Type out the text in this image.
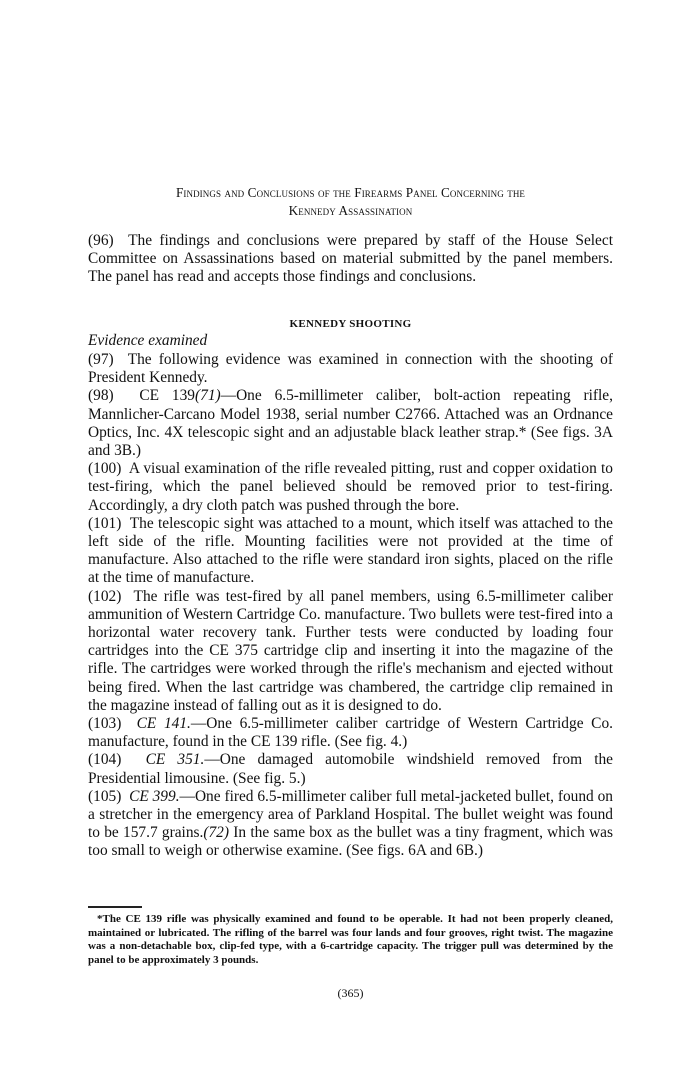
Findings and Conclusions of the Firearms Panel Concerning the
Kennedy Assassination
(96) The findings and conclusions were prepared by staff of the House Select Committee on Assassinations based on material submitted by the panel members. The panel has read and accepts those findings and conclusions.
KENNEDY SHOOTING
Evidence examined

(97) The following evidence was examined in connection with the shooting of President Kennedy.

(98) CE 139(71)—One 6.5-millimeter caliber, bolt-action repeating rifle, Mannlicher-Carcano Model 1938, serial number C2766. Attached was an Ordnance Optics, Inc. 4X telescopic sight and an adjustable black leather strap.* (See figs. 3A and 3B.)

(100) A visual examination of the rifle revealed pitting, rust and copper oxidation to test-firing, which the panel believed should be removed prior to test-firing. Accordingly, a dry cloth patch was pushed through the bore.

(101) The telescopic sight was attached to a mount, which itself was attached to the left side of the rifle. Mounting facilities were not provided at the time of manufacture. Also attached to the rifle were standard iron sights, placed on the rifle at the time of manufacture.

(102) The rifle was test-fired by all panel members, using 6.5-millimeter caliber ammunition of Western Cartridge Co. manufacture. Two bullets were test-fired into a horizontal water recovery tank. Further tests were conducted by loading four cartridges into the CE 375 cartridge clip and inserting it into the magazine of the rifle. The cartridges were worked through the rifle's mechanism and ejected without being fired. When the last cartridge was chambered, the cartridge clip remained in the magazine instead of falling out as it is designed to do.

(103) CE 141.—One 6.5-millimeter caliber cartridge of Western Cartridge Co. manufacture, found in the CE 139 rifle. (See fig. 4.)

(104) CE 351.—One damaged automobile windshield removed from the Presidential limousine. (See fig. 5.)

(105) CE 399.—One fired 6.5-millimeter caliber full metal-jacketed bullet, found on a stretcher in the emergency area of Parkland Hospital. The bullet weight was found to be 157.7 grains.(72) In the same box as the bullet was a tiny fragment, which was too small to weigh or otherwise examine. (See figs. 6A and 6B.)

*The CE 139 rifle was physically examined and found to be operable. It had not been properly cleaned, maintained or lubricated. The rifling of the barrel was four lands and four grooves, right twist. The magazine was a non-detachable box, clip-fed type, with a 6-cartridge capacity. The trigger pull was determined by the panel to be approximately 3 pounds.

(365)
